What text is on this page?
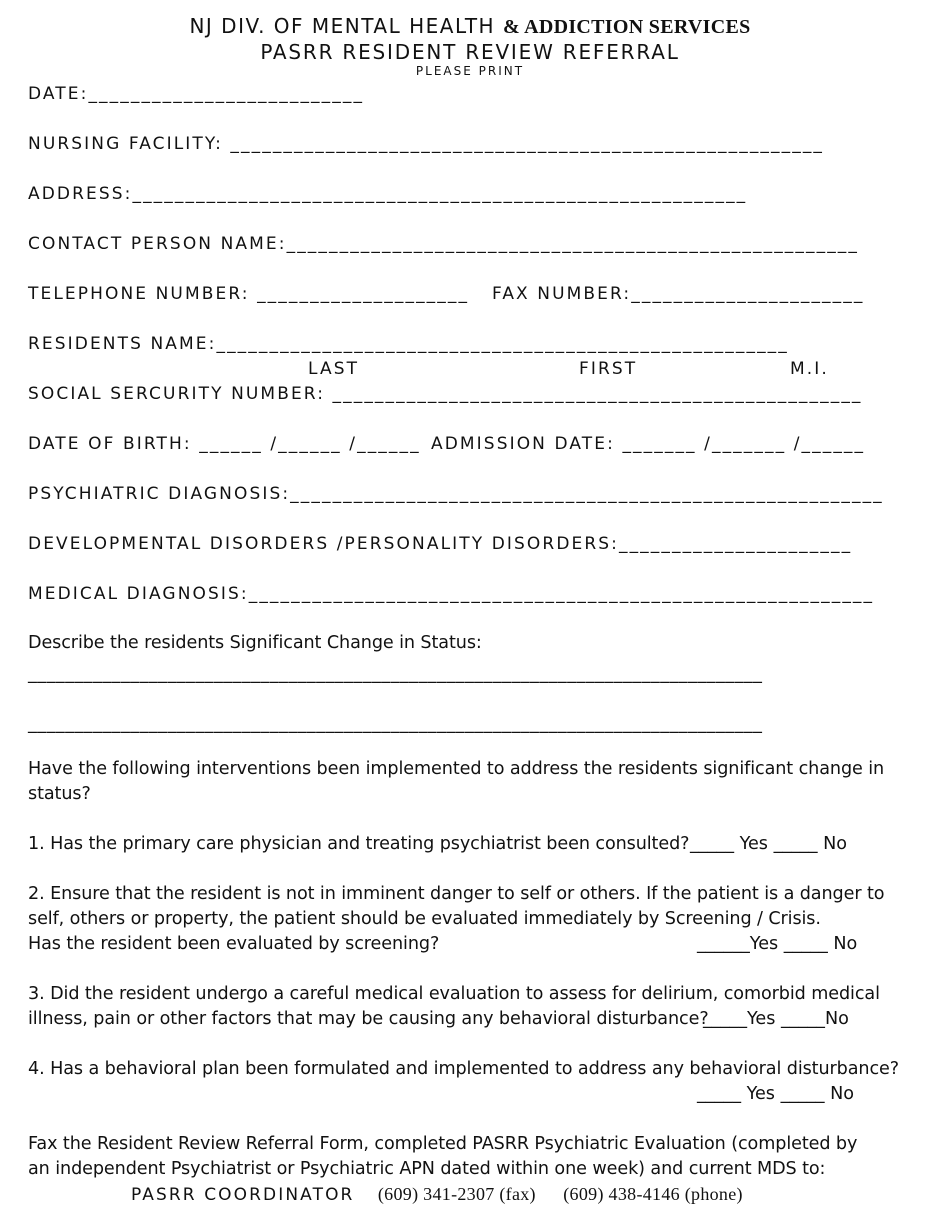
NJ DIV. OF MENTAL HEALTH & ADDICTION SERVICES
PASRR RESIDENT REVIEW REFERRAL
PLEASE PRINT
DATE:__________________________
NURSING FACILITY: ________________________________________________________
ADDRESS:__________________________________________________________
CONTACT PERSON NAME:______________________________________________________
TELEPHONE NUMBER: ____________________ FAX NUMBER:______________________
RESIDENTS NAME:______________________________________________________
LAST	FIRST	M.I.
SOCIAL SERCURITY NUMBER: __________________________________________________
DATE OF BIRTH: ______ /______ /______ ADMISSION DATE: _______ /_______ /______
PSYCHIATRIC DIAGNOSIS:________________________________________________________
DEVELOPMENTAL DISORDERS /PERSONALITY DISORDERS:______________________
MEDICAL DIAGNOSIS:___________________________________________________________
Describe the residents Significant Change in Status:
_______________________________________________________________________________
_______________________________________________________________________________
Have the following interventions been implemented to address the residents significant change in
status?
1. Has the primary care physician and treating psychiatrist been consulted? _____ Yes _____ No
2. Ensure that the resident is not in imminent danger to self or others. If the patient is a danger to
self, others or property, the patient should be evaluated immediately by Screening / Crisis.
Has the resident been evaluated by screening?	______Yes _____ No
3. Did the resident undergo a careful medical evaluation to assess for delirium, comorbid medical
illness, pain or other factors that may be causing any behavioral disturbance?
_____Yes _____No
4. Has a behavioral plan been formulated and implemented to address any behavioral disturbance?
_____ Yes _____ No
Fax the Resident Review Referral Form, completed PASRR Psychiatric Evaluation (completed by
an independent Psychiatrist or Psychiatric APN dated within one week) and current MDS to:
PASRR COORDINATOR (609) 341-2307 (fax) (609) 438-4146 (phone)
